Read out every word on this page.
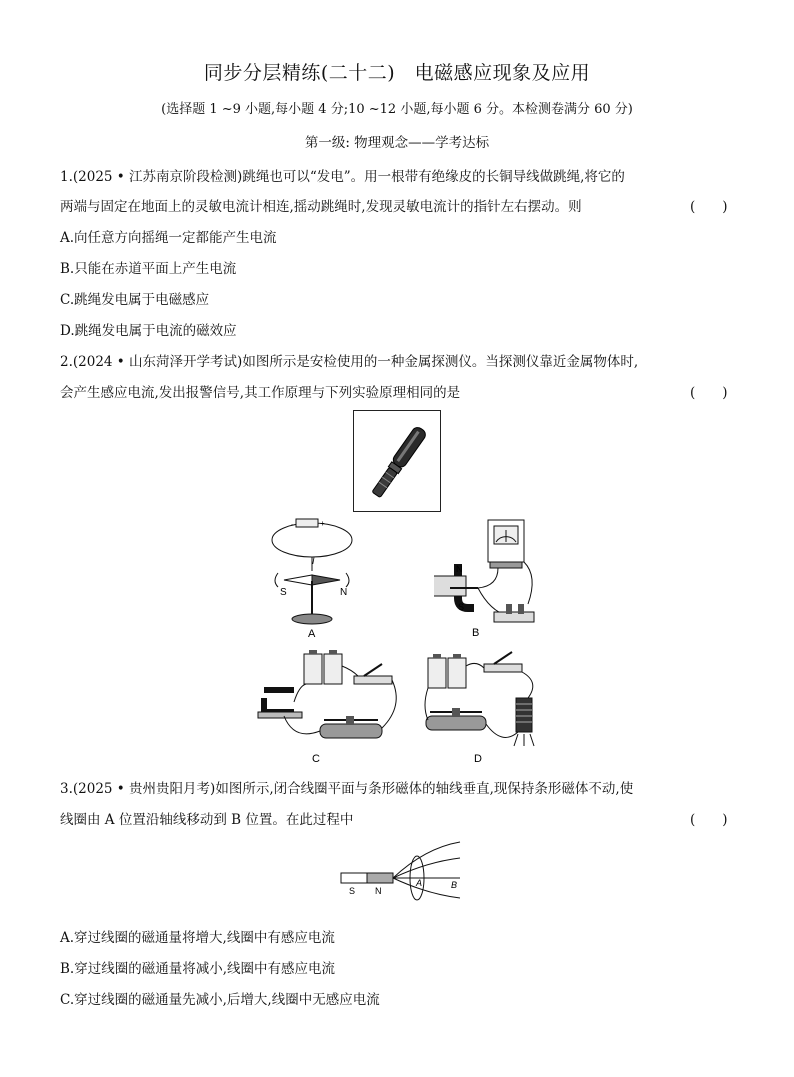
同步分层精练(二十二)　电磁感应现象及应用
(选择题 1 ~9 小题,每小题 4 分;10 ~12 小题,每小题 6 分。本检测卷满分 60 分)
第一级: 物理观念——学考达标
1.(2025 • 江苏南京阶段检测)跳绳也可以“发电”。用一根带有绝缘皮的长铜导线做跳绳,将它的
两端与固定在地面上的灵敏电流计相连,摇动跳绳时,发现灵敏电流计的指针左右摆动。则	(　　)
A.向任意方向摇绳一定都能产生电流
B.只能在赤道平面上产生电流
C.跳绳发电属于电磁感应
D.跳绳发电属于电流的磁效应
2.(2024 • 山东菏泽开学考试)如图所示是安检使用的一种金属探测仪。当探测仪靠近金属物体时,
会产生感应电流,发出报警信号,其工作原理与下列实验原理相同的是	(　　)
-	+
I
S	N
A
N
S
B
C	D
3.(2025 • 贵州贵阳月考)如图所示,闭合线圈平面与条形磁体的轴线垂直,现保持条形磁体不动,使
线圈由 A 位置沿轴线移动到 B 位置。在此过程中	(　　)
S N
A	B
A.穿过线圈的磁通量将增大,线圈中有感应电流
B.穿过线圈的磁通量将减小,线圈中有感应电流
C.穿过线圈的磁通量先减小,后增大,线圈中无感应电流
